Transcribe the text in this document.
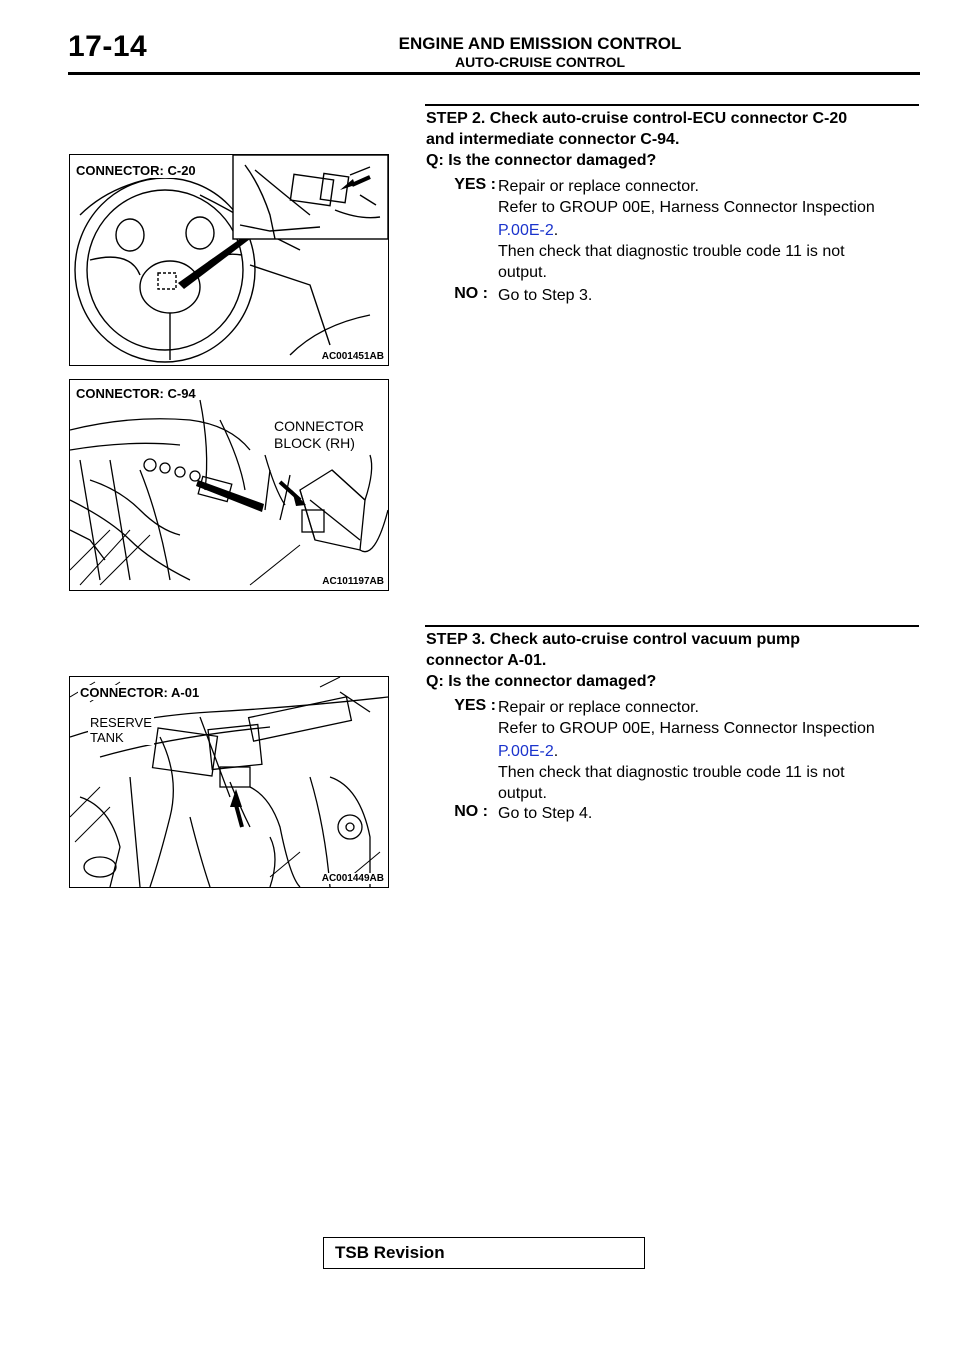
17-14	ENGINE AND EMISSION CONTROL
AUTO-CRUISE CONTROL
CONNECTOR: C-20
AC001451AB
CONNECTOR: C-94
CONNECTOR
BLOCK (RH)
AC101197AB
CONNECTOR: A-01
RESERVE
TANK
AC001449AB
STEP 2. Check auto-cruise control-ECU connector C-20
and intermediate connector C-94.
Q: Is the connector damaged?
YES : Repair or replace connector.
Refer to GROUP 00E, Harness Connector Inspection
P.00E-2.
Then check that diagnostic trouble code 11 is not
output.
NO : Go to Step 3.
STEP 3. Check auto-cruise control vacuum pump
connector A-01.
Q: Is the connector damaged?
YES : Repair or replace connector.
Refer to GROUP 00E, Harness Connector Inspection
P.00E-2.
Then check that diagnostic trouble code 11 is not
output.
NO : Go to Step 4.
TSB Revision
